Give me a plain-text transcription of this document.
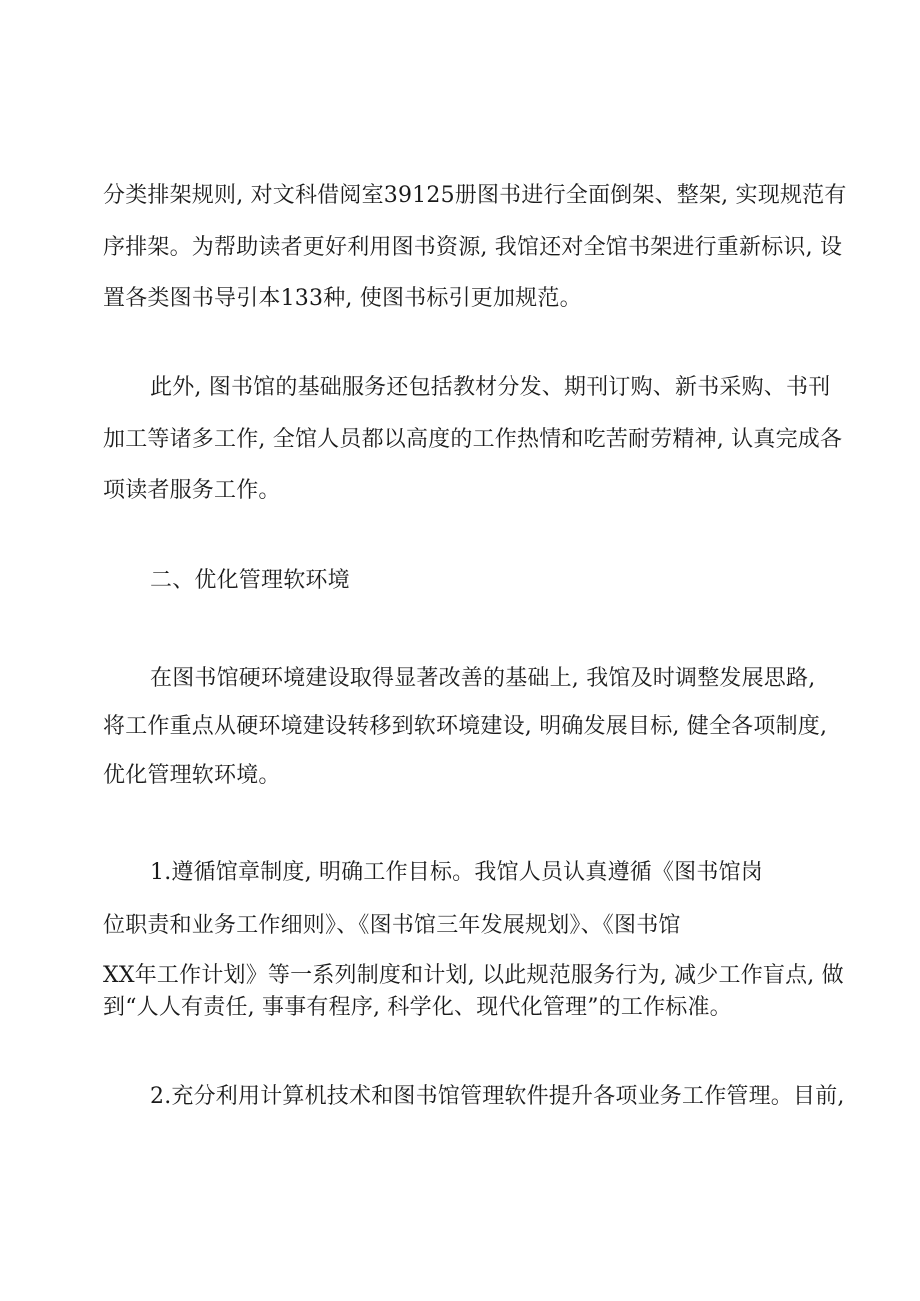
分类排架规则, 对文科借阅室39125册图书进行全面倒架、整架, 实现规范有
序排架。为帮助读者更好利用图书资源, 我馆还对全馆书架进行重新标识, 设
置各类图书导引本133种, 使图书标引更加规范。
此外, 图书馆的基础服务还包括教材分发、期刊订购、新书采购、书刊
加工等诸多工作, 全馆人员都以高度的工作热情和吃苦耐劳精神, 认真完成各
项读者服务工作。
二、优化管理软环境
在图书馆硬环境建设取得显著改善的基础上, 我馆及时调整发展思路,
将工作重点从硬环境建设转移到软环境建设, 明确发展目标, 健全各项制度,
优化管理软环境。
1.遵循馆章制度, 明确工作目标。我馆人员认真遵循《图书馆岗
位职责和业务工作细则》、《图书馆三年发展规划》、《图书馆
XX年工作计划》等一系列制度和计划, 以此规范服务行为, 减少工作盲点, 做
到“人人有责任, 事事有程序, 科学化、现代化管理”的工作标准。
2.充分利用计算机技术和图书馆管理软件提升各项业务工作管理。目前,
